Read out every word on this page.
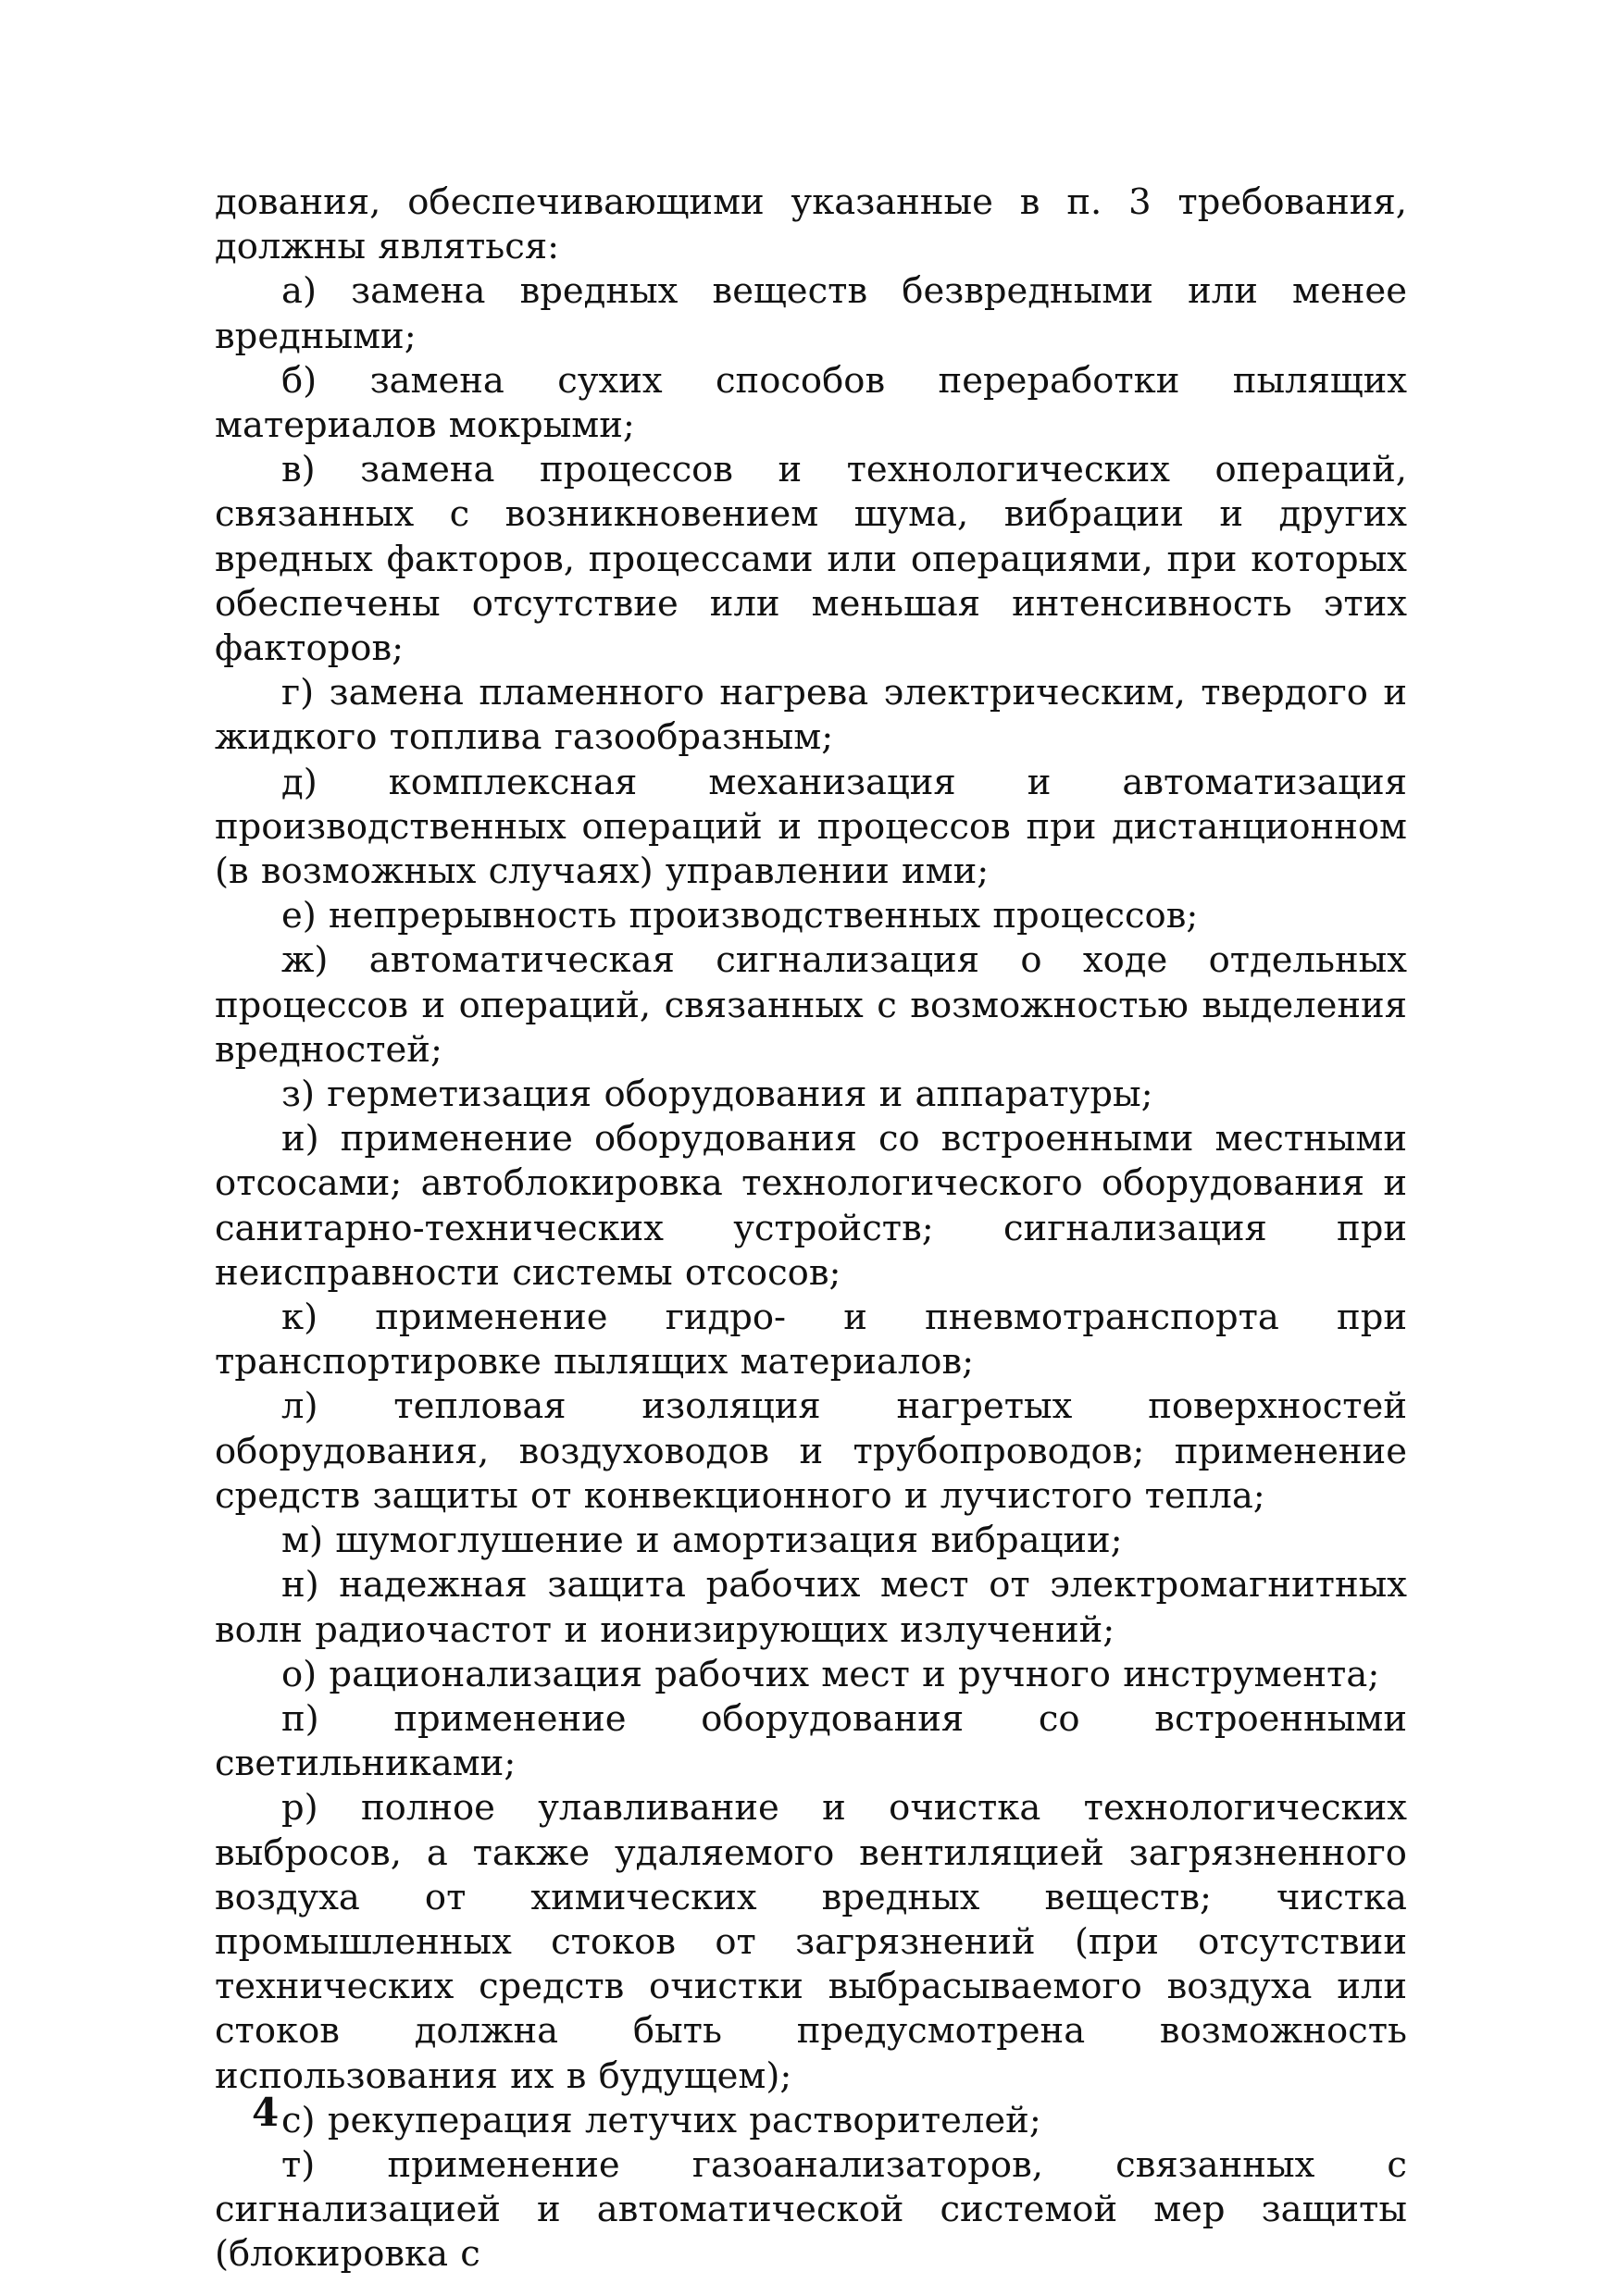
дования, обеспечивающими указанные в п. 3 требования, должны являться:

а) замена вредных веществ безвредными или менее вредными;

б) замена сухих способов переработки пылящих материалов мокрыми;

в) замена процессов и технологических операций, связанных с возникновением шума, вибрации и других вредных факторов, процессами или операциями, при которых обеспечены отсутствие или меньшая интенсивность этих факторов;

г) замена пламенного нагрева электрическим, твердого и жидкого топлива газообразным;

д) комплексная механизация и автоматизация производственных операций и процессов при дистанционном (в возможных случаях) управлении ими;

е) непрерывность производственных процессов;

ж) автоматическая сигнализация о ходе отдельных процессов и операций, связанных с возможностью выделения вредностей;

з) герметизация оборудования и аппаратуры;

и) применение оборудования со встроенными местными отсосами; автоблокировка технологического оборудования и санитарно-технических устройств; сигнализация при неисправности системы отсосов;

к) применение гидро- и пневмотранспорта при транспортировке пылящих материалов;

л) тепловая изоляция нагретых поверхностей оборудования, воздуховодов и трубопроводов; применение средств защиты от конвекционного и лучистого тепла;

м) шумоглушение и амортизация вибрации;

н) надежная защита рабочих мест от электромагнитных волн радиочастот и ионизирующих излучений;

о) рационализация рабочих мест и ручного инструмента;

п) применение оборудования со встроенными светильниками;

р) полное улавливание и очистка технологических выбросов, а также удаляемого вентиляцией загрязненного воздуха от химических вредных веществ; чистка промышленных стоков от загрязнений (при отсутствии технических средств очистки выбрасываемого воздуха или стоков должна быть предусмотрена возможность использования их в будущем);

с) рекуперация летучих растворителей;

т) применение газоанализаторов, связанных с сигнализацией и автоматической системой мер защиты (блокировка с

4
